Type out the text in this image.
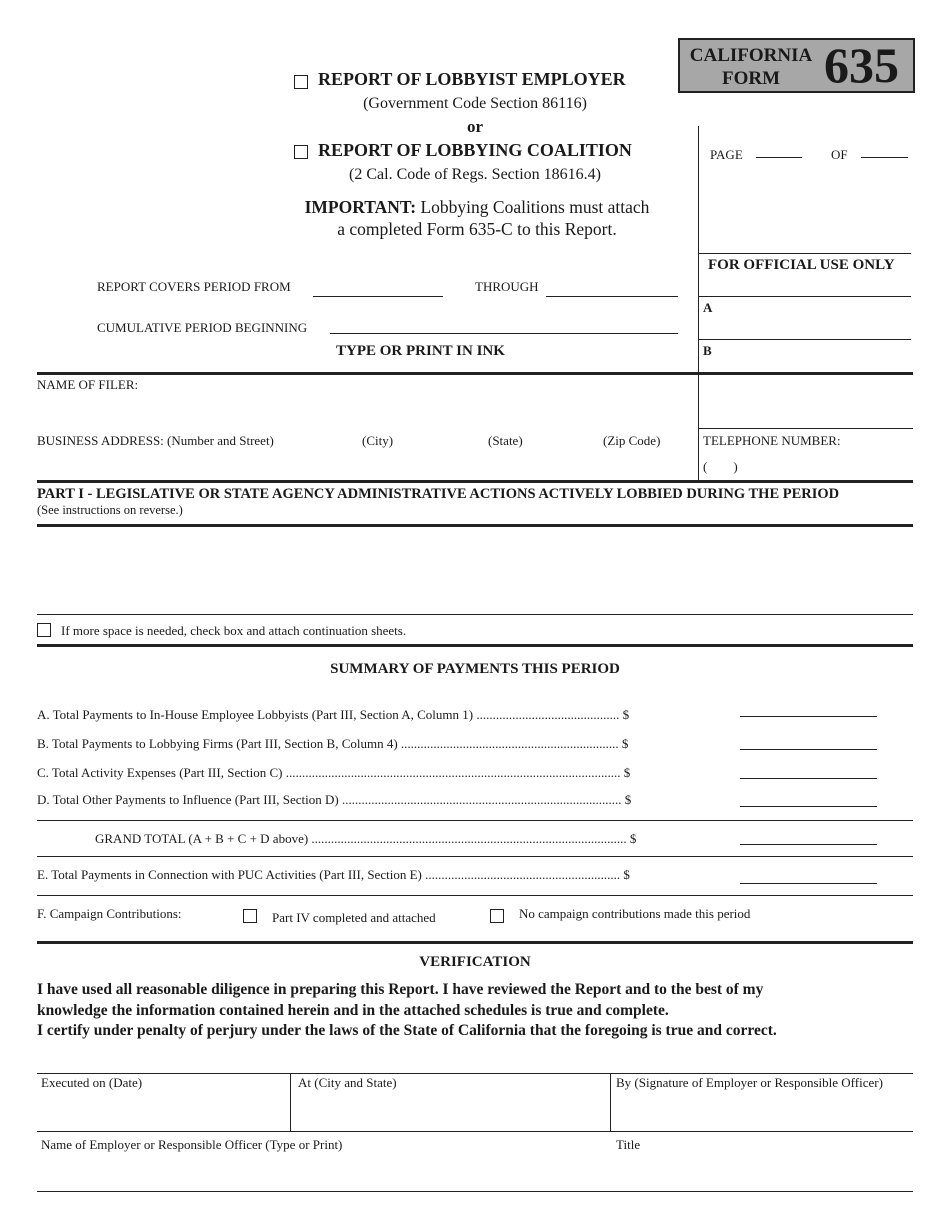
CALIFORNIA
FORM 635
REPORT OF LOBBYIST EMPLOYER
(Government Code Section 86116)
or
REPORT OF LOBBYING COALITION
(2 Cal. Code of Regs. Section 18616.4)
IMPORTANT: Lobbying Coalitions must attach
a completed Form 635-C to this Report.
PAGE	OF
FOR OFFICIAL USE ONLY
A
B
REPORT COVERS PERIOD FROM	THROUGH
CUMULATIVE PERIOD BEGINNING
TYPE OR PRINT IN INK
NAME OF FILER:
BUSINESS ADDRESS: (Number and Street)	(City)	(State)	(Zip Code)	TELEPHONE NUMBER:
(        )
PART I - LEGISLATIVE OR STATE AGENCY ADMINISTRATIVE ACTIONS ACTIVELY LOBBIED DURING THE PERIOD
(See instructions on reverse.)
If more space is needed, check box and attach continuation sheets.
SUMMARY OF PAYMENTS THIS PERIOD
A. Total Payments to In-House Employee Lobbyists (Part III, Section A, Column 1) ............................................ $
B. Total Payments to Lobbying Firms (Part III, Section B, Column 4) ................................................................... $
C. Total Activity Expenses (Part III, Section C) ....................................................................................................... $
D. Total Other Payments to Influence (Part III, Section D) ...................................................................................... $
GRAND TOTAL (A + B + C + D above) ................................................................................................. $
E. Total Payments in Connection with PUC Activities (Part III, Section E) ............................................................ $
F. Campaign Contributions:	Part IV completed and attached	No campaign contributions made this period
VERIFICATION
I have used all reasonable diligence in preparing this Report. I have reviewed the Report and to the best of my
knowledge the information contained herein and in the attached schedules is true and complete.
I certify under penalty of perjury under the laws of the State of California that the foregoing is true and correct.
Executed on (Date)	At (City and State)	By (Signature of Employer or Responsible Officer)
Name of Employer or Responsible Officer (Type or Print)	Title
